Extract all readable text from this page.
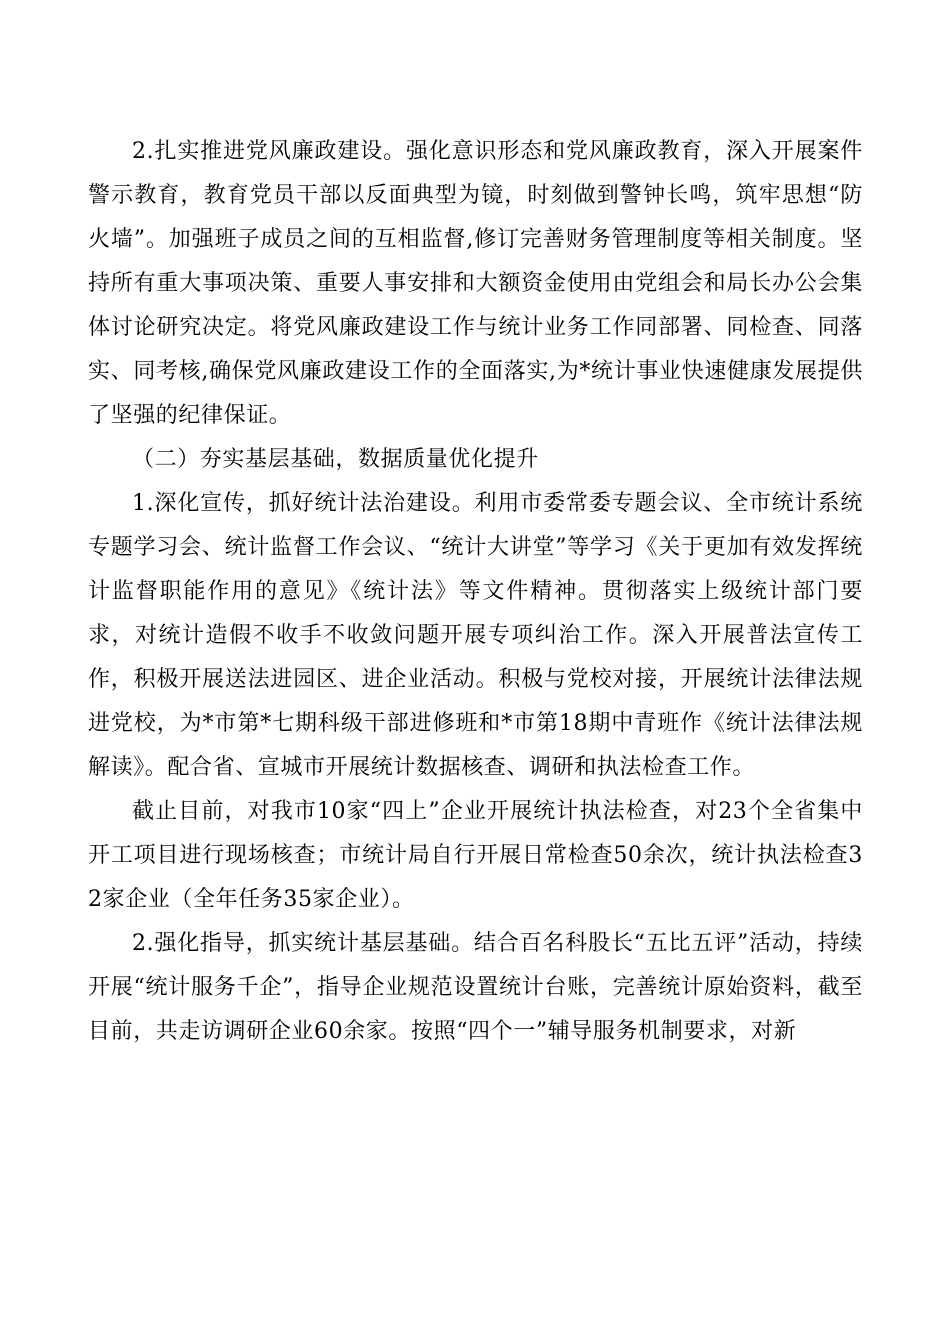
2.扎实推进党风廉政建设。强化意识形态和党风廉政教育，深入开展案件警示教育，教育党员干部以反面典型为镜，时刻做到警钟长鸣，筑牢思想“防火墙”。加强班子成员之间的互相监督,修订完善财务管理制度等相关制度。坚持所有重大事项决策、重要人事安排和大额资金使用由党组会和局长办公会集体讨论研究决定。将党风廉政建设工作与统计业务工作同部署、同检查、同落实、同考核,确保党风廉政建设工作的全面落实,为*统计事业快速健康发展提供了坚强的纪律保证。

（二）夯实基层基础，数据质量优化提升

1.深化宣传，抓好统计法治建设。利用市委常委专题会议、全市统计系统专题学习会、统计监督工作会议、“统计大讲堂”等学习《关于更加有效发挥统计监督职能作用的意见》《统计法》等文件精神。贯彻落实上级统计部门要求，对统计造假不收手不收敛问题开展专项纠治工作。深入开展普法宣传工作，积极开展送法进园区、进企业活动。积极与党校对接，开展统计法律法规进党校，为*市第*七期科级干部进修班和*市第18期中青班作《统计法律法规解读》。配合省、宣城市开展统计数据核查、调研和执法检查工作。

截止目前，对我市10家“四上”企业开展统计执法检查，对23个全省集中开工项目进行现场核查；市统计局自行开展日常检查50余次，统计执法检查32家企业（全年任务35家企业）。

2.强化指导，抓实统计基层基础。结合百名科股长“五比五评”活动，持续开展“统计服务千企”，指导企业规范设置统计台账，完善统计原始资料，截至目前，共走访调研企业60余家。按照“四个一”辅导服务机制要求，对新
